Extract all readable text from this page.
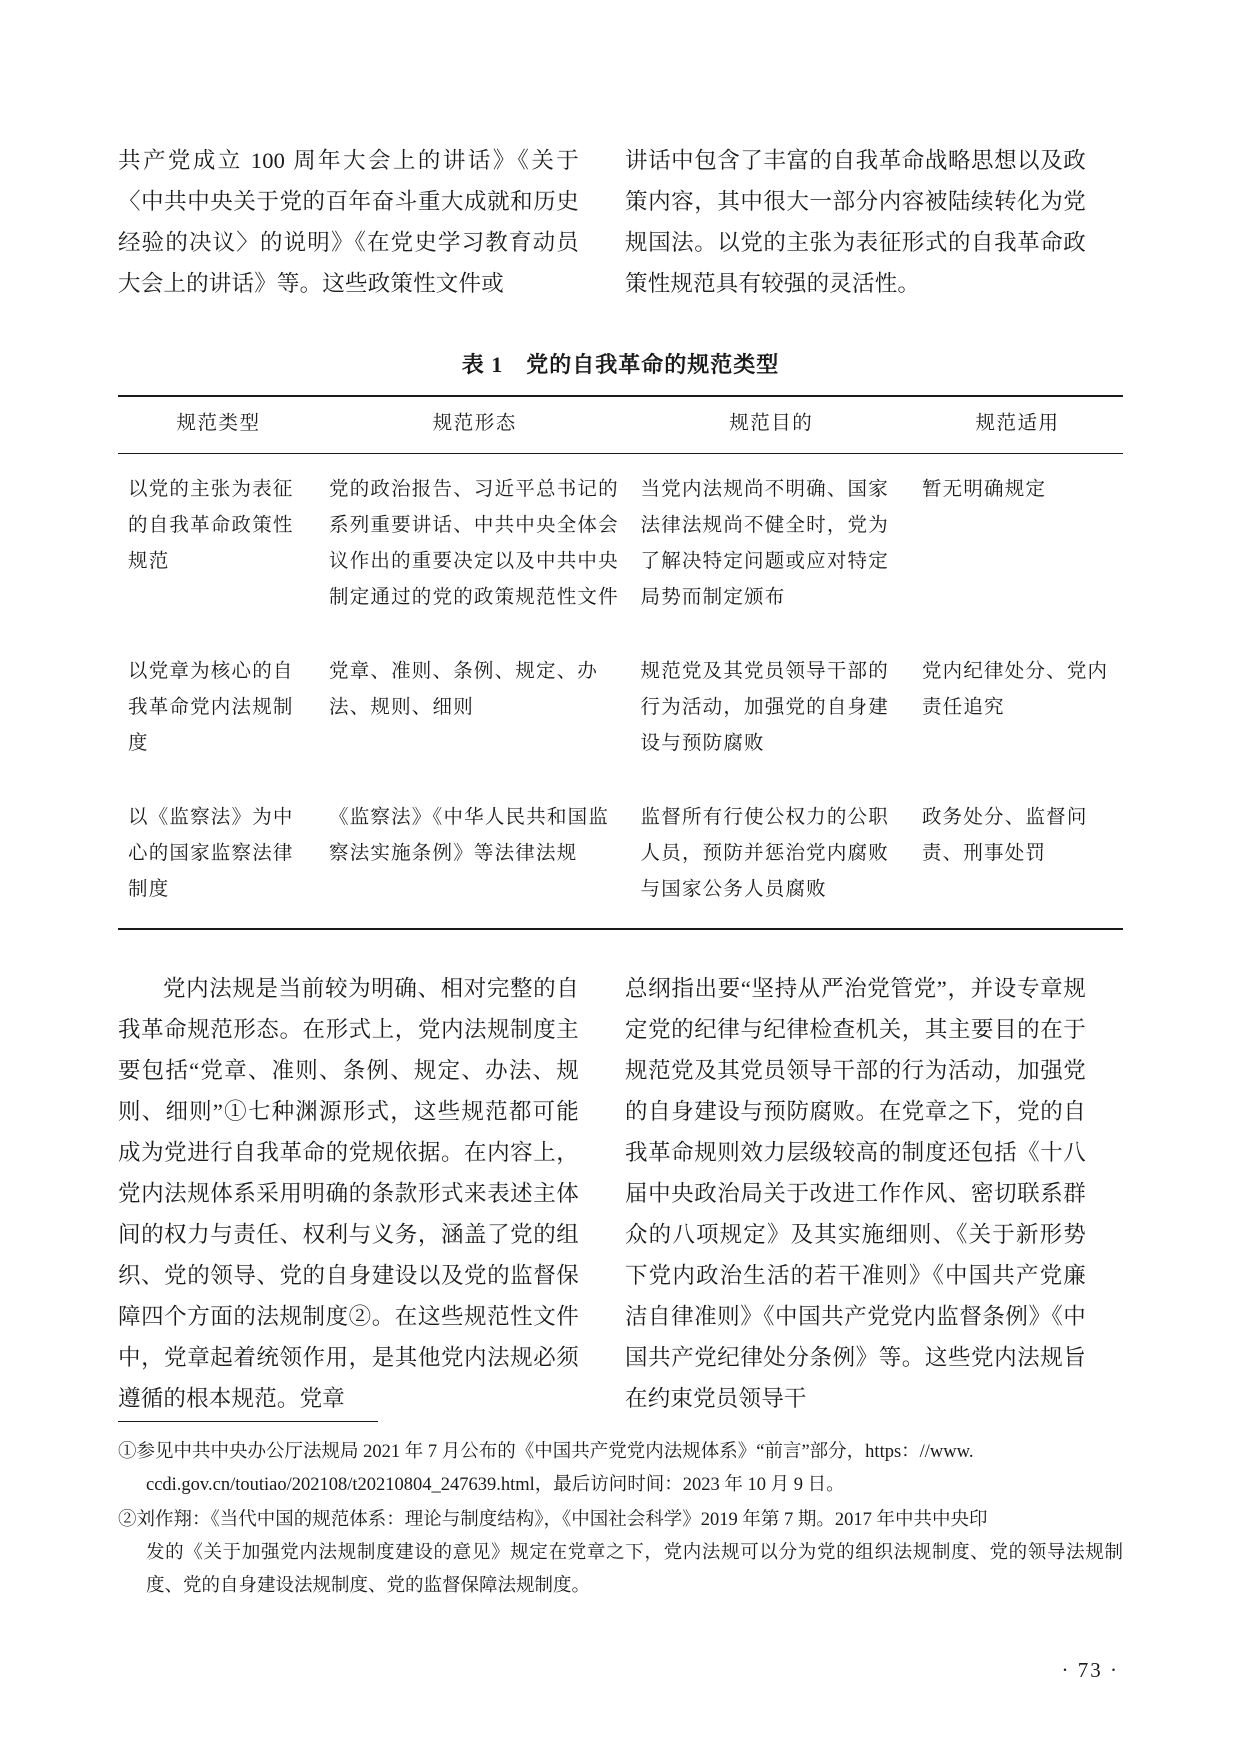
共产党成立 100 周年大会上的讲话》《关于〈中共中央关于党的百年奋斗重大成就和历史经验的决议〉的说明》《在党史学习教育动员大会上的讲话》等。这些政策性文件或

讲话中包含了丰富的自我革命战略思想以及政策内容，其中很大一部分内容被陆续转化为党规国法。以党的主张为表征形式的自我革命政策性规范具有较强的灵活性。

表 1　党的自我革命的规范类型
规范类型	规范形态	规范目的	规范适用
以党的主张为表征的自我革命政策性规范	党的政治报告、习近平总书记的系列重要讲话、中共中央全体会议作出的重要决定以及中共中央制定通过的党的政策规范性文件	当党内法规尚不明确、国家法律法规尚不健全时，党为了解决特定问题或应对特定局势而制定颁布	暂无明确规定
以党章为核心的自我革命党内法规制度	党章、准则、条例、规定、办法、规则、细则	规范党及其党员领导干部的行为活动，加强党的自身建设与预防腐败	党内纪律处分、党内责任追究
以《监察法》为中心的国家监察法律制度	《监察法》《中华人民共和国监察法实施条例》等法律法规	监督所有行使公权力的公职人员，预防并惩治党内腐败与国家公务人员腐败	政务处分、监督问责、刑事处罚

党内法规是当前较为明确、相对完整的自我革命规范形态。在形式上，党内法规制度主要包括“党章、准则、条例、规定、办法、规则、细则”①七种渊源形式，这些规范都可能成为党进行自我革命的党规依据。在内容上，党内法规体系采用明确的条款形式来表述主体间的权力与责任、权利与义务，涵盖了党的组织、党的领导、党的自身建设以及党的监督保障四个方面的法规制度②。在这些规范性文件中，党章起着统领作用，是其他党内法规必须遵循的根本规范。党章

总纲指出要“坚持从严治党管党”，并设专章规定党的纪律与纪律检查机关，其主要目的在于规范党及其党员领导干部的行为活动，加强党的自身建设与预防腐败。在党章之下，党的自我革命规则效力层级较高的制度还包括《十八届中央政治局关于改进工作作风、密切联系群众的八项规定》及其实施细则、《关于新形势下党内政治生活的若干准则》《中国共产党廉洁自律准则》《中国共产党党内监督条例》《中国共产党纪律处分条例》等。这些党内法规旨在约束党员领导干

①参见中共中央办公厅法规局 2021 年 7 月公布的《中国共产党党内法规体系》“前言”部分，https：//www.
ccdi.gov.cn/toutiao/202108/t20210804_247639.html，最后访问时间：2023 年 10 月 9 日。

②刘作翔：《当代中国的规范体系：理论与制度结构》，《中国社会科学》2019 年第 7 期。2017 年中共中央印
发的《关于加强党内法规制度建设的意见》规定在党章之下，党内法规可以分为党的组织法规制度、党的领导法规制度、党的自身建设法规制度、党的监督保障法规制度。

· 73 ·
